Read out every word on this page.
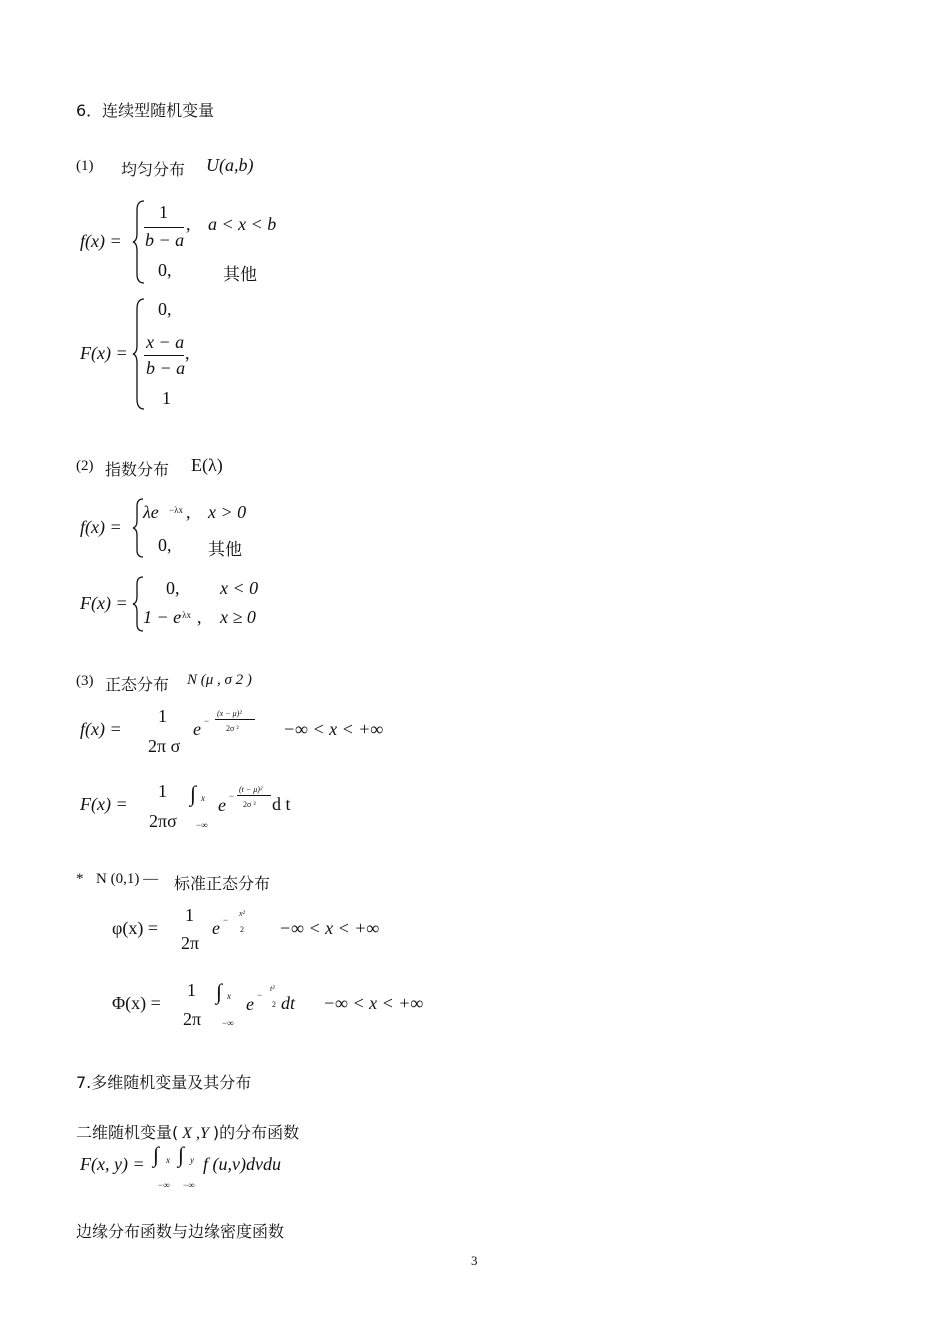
6．连续型随机变量
(1) 均匀分布 U(a,b)
f(x) =
1
b − a
, a < x < b
0,	其他
F(x) =
0,
x − a
b − a
,
1
(2) 指数分布 E(λ)
f(x) =
λe −λx , x > 0
0, 其他
F(x) =
0, x < 0
1 − e
−λx , x ≥ 0
(3) 正态分布 N (μ , σ 2 )
f(x) =
1
2π σ
e −
(x − μ)²
2σ ² −∞ < x < +∞
F(x) =
1
2πσ
∫ x
−∞
e −
(t − μ)²
2σ ² d t
* N (0,1) — 标准正态分布
φ(x) =
1
2π
e −
x²
2 −∞ < x < +∞
Φ(x) =
1
2π
∫ x
−∞
e −
t²
2 dt −∞ < x < +∞
7.多维随机变量及其分布
二维随机变量( X ,Y )的分布函数
F(x, y) = ∫ x
−∞
∫ y
−∞
f (u,v)dvdu
边缘分布函数与边缘密度函数
3
